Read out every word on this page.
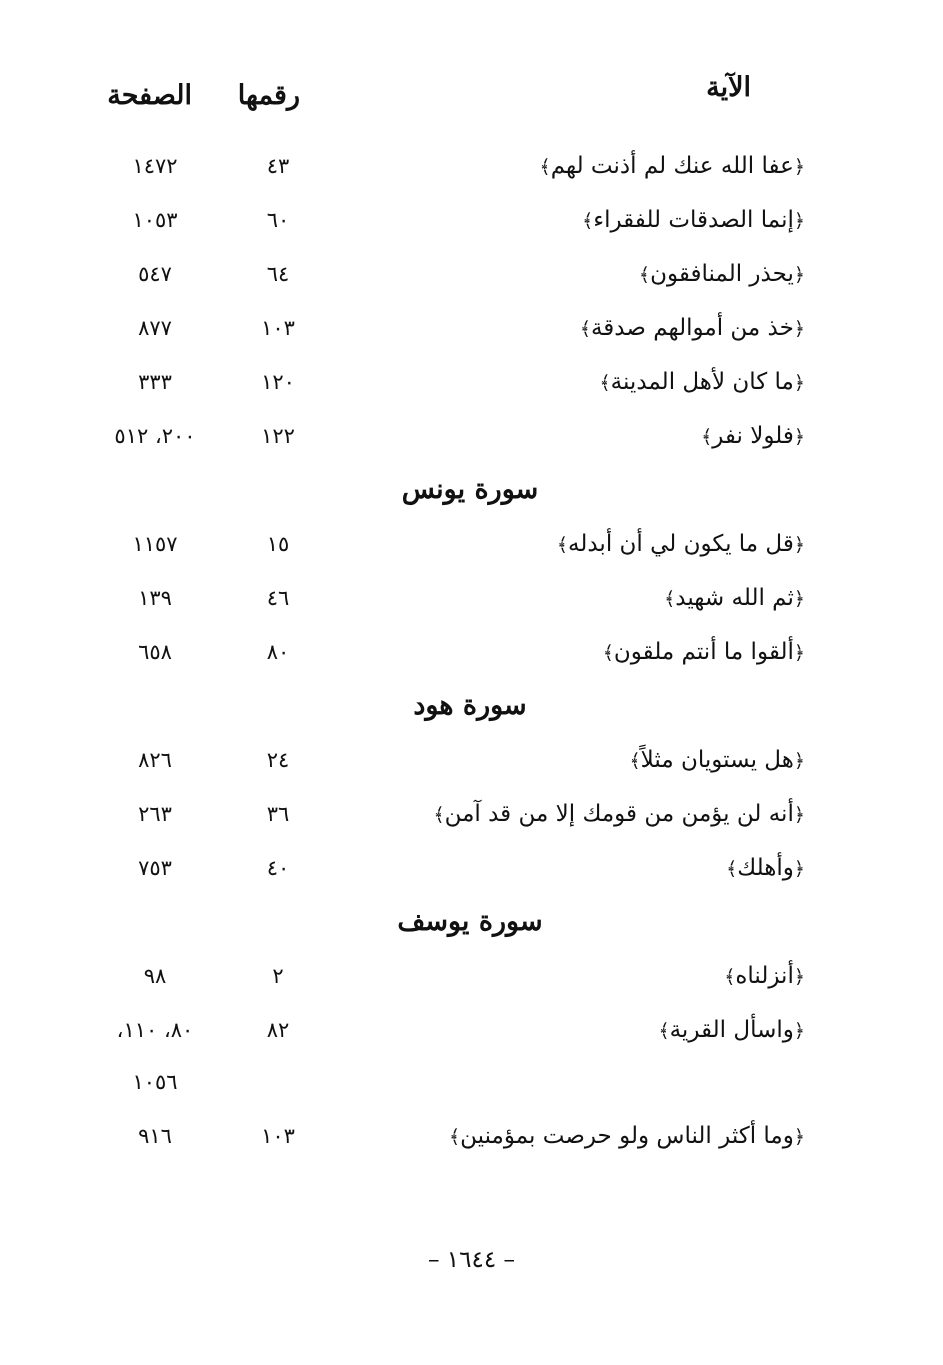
الآية
رقمها
الصفحة
﴿عفا الله عنك لم أذنت لهم﴾
٤٣
١٤٧٢
﴿إنما الصدقات للفقراء﴾
٦٠
١٠٥٣
﴿يحذر المنافقون﴾
٦٤
٥٤٧
﴿خذ من أموالهم صدقة﴾
١٠٣
٨٧٧
﴿ما كان لأهل المدينة﴾
١٢٠
٣٣٣
﴿فلولا نفر﴾
١٢٢
٢٠٠، ٥١٢
سورة يونس
﴿قل ما يكون لي أن أبدله﴾
١٥
١١٥٧
﴿ثم الله شهيد﴾
٤٦
١٣٩
﴿ألقوا ما أنتم ملقون﴾
٨٠
٦٥٨
سورة هود
﴿هل يستويان مثلاً﴾
٢٤
٨٢٦
﴿أنه لن يؤمن من قومك إلا من قد آمن﴾
٣٦
٢٦٣
﴿وأهلك﴾
٤٠
٧٥٣
سورة يوسف
﴿أنزلناه﴾
٢
٩٨
﴿واسأل القرية﴾
٨٢
٨٠، ١١٠،
١٠٥٦
﴿وما أكثر الناس ولو حرصت بمؤمنين﴾
١٠٣
٩١٦
– ١٦٤٤ –
